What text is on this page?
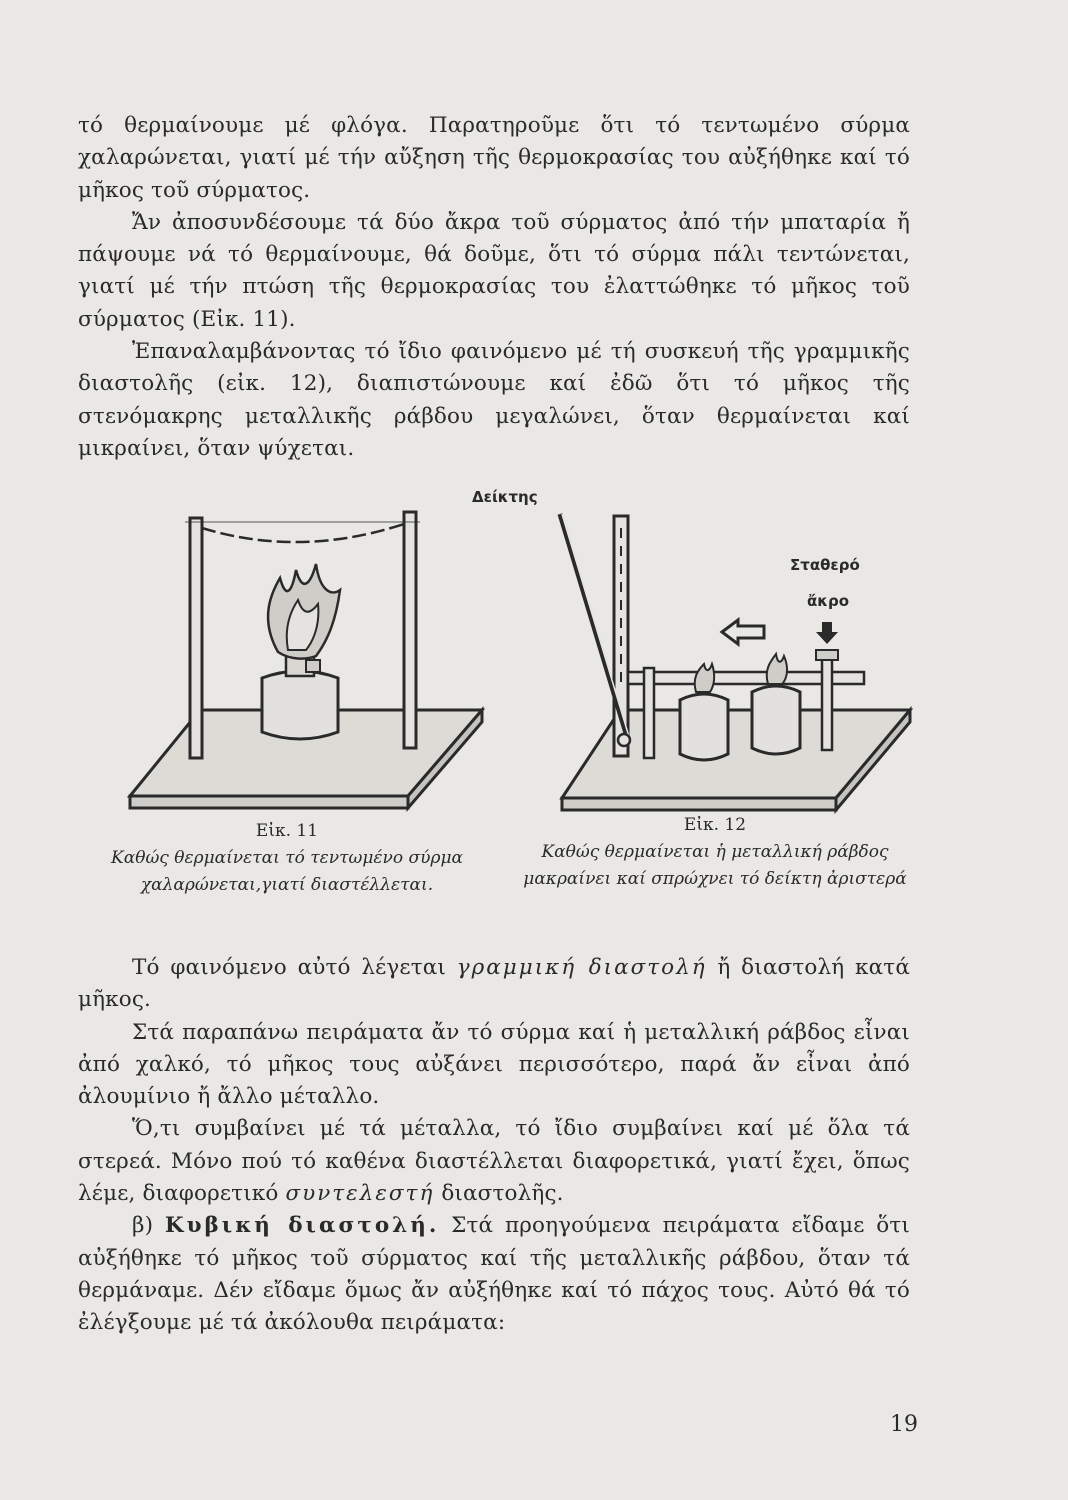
τό θερμαίνουμε μέ φλόγα. Παρατηροῦμε ὅτι τό τεντωμένο σύρμα χαλαρώνεται, γιατί μέ τήν αὔξηση τῆς θερμοκρασίας του αὐξήθηκε καί τό μῆκος τοῦ σύρματος.

Ἄν ἀποσυνδέσουμε τά δύο ἄκρα τοῦ σύρματος ἀπό τήν μπαταρία ἤ πάψουμε νά τό θερμαίνουμε, θά δοῦμε, ὅτι τό σύρμα πάλι τεντώνεται, γιατί μέ τήν πτώση τῆς θερμοκρασίας του ἐλαττώθηκε τό μῆκος τοῦ σύρματος (Εἰκ. 11).

Ἐπαναλαμβάνοντας τό ἴδιο φαινόμενο μέ τή συσκευή τῆς γραμμικῆς διαστολῆς (εἰκ. 12), διαπιστώνουμε καί ἐδῶ ὅτι τό μῆκος τῆς στενόμακρης μεταλλικῆς ράβδου μεγαλώνει, ὅταν θερμαίνεται καί μικραίνει, ὅταν ψύχεται.

Δείκτης
Σταθερό
ἄκρο
Εἰκ. 11
Καθώς θερμαίνεται τό τεντωμένο σύρμα χαλαρώνεται,γιατί διαστέλλεται.
Εἰκ. 12
Καθώς θερμαίνεται ἡ μεταλλική ράβδος μακραίνει καί σπρώχνει τό δείκτη ἀριστερά

Τό φαινόμενο αὐτό λέγεται γραμμική διαστολή ἤ διαστολή κατά μῆκος.

Στά παραπάνω πειράματα ἄν τό σύρμα καί ἡ μεταλλική ράβδος εἶναι ἀπό χαλκό, τό μῆκος τους αὐξάνει περισσότερο, παρά ἄν εἶναι ἀπό ἀλουμίνιο ἤ ἄλλο μέταλλο.

Ὅ,τι συμβαίνει μέ τά μέταλλα, τό ἴδιο συμβαίνει καί μέ ὅλα τά στερεά. Μόνο πού τό καθένα διαστέλλεται διαφορετικά, γιατί ἔχει, ὅπως λέμε, διαφορετικό συντελεστή διαστολῆς.

β) Κυβική διαστολή. Στά προηγούμενα πειράματα εἴδαμε ὅτι αὐξήθηκε τό μῆκος τοῦ σύρματος καί τῆς μεταλλικῆς ράβδου, ὅταν τά θερμάναμε. Δέν εἴδαμε ὅμως ἄν αὐξήθηκε καί τό πάχος τους. Αὐτό θά τό ἐλέγξουμε μέ τά ἀκόλουθα πειράματα:

19
